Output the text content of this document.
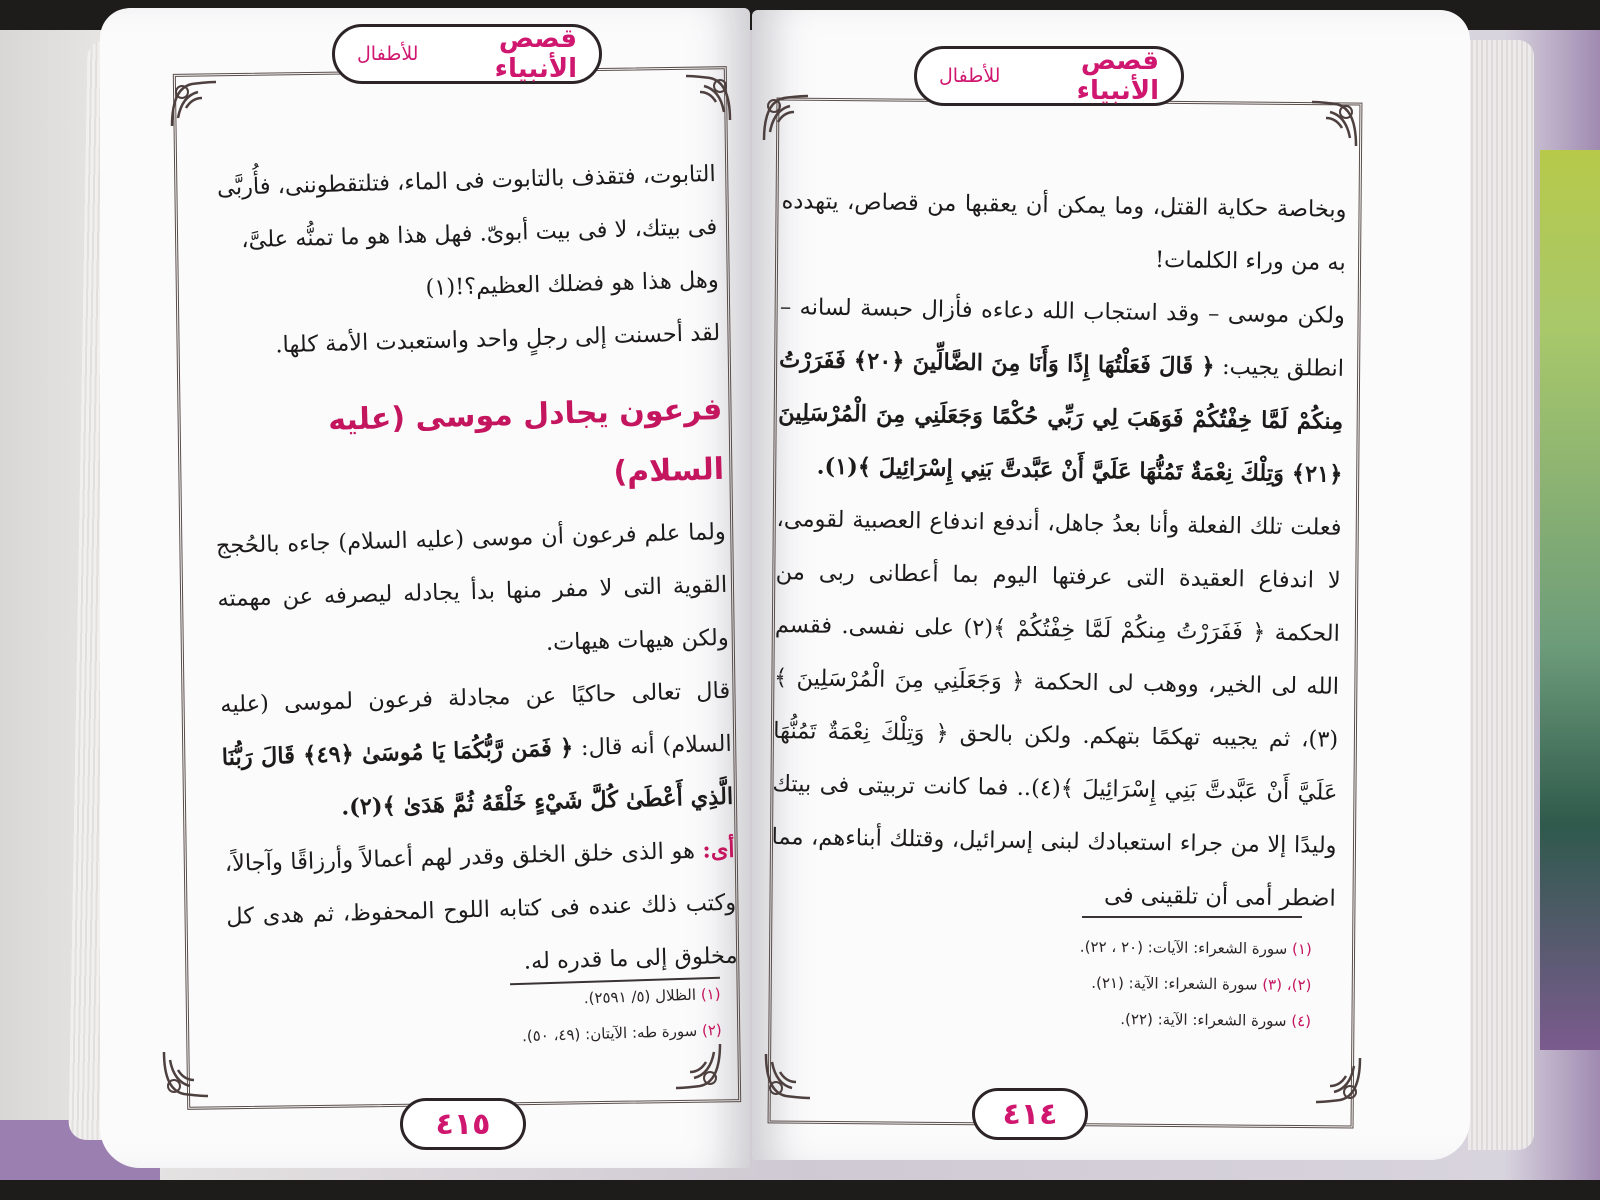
قصص الأنبياء
للأطفال

التابوت، فتقذف بالتابوت فى الماء، فتلتقطوننى، فأُربَّى

فى بيتك، لا فى بيت أبوىّ. فهل هذا هو ما تمنُّه علىَّ،

وهل هذا هو فضلك العظيم؟!(١)

لقد أحسنت إلى رجلٍ واحد واستعبدت الأمة كلها.

فرعون يجادل موسى (عليه السلام)

ولما علم فرعون أن موسى (عليه السلام) جاءه بالحُجج القوية التى لا مفر منها بدأ يجادله ليصرفه عن مهمته ولكن هيهات هيهات.

قال تعالى حاكيًا عن مجادلة فرعون لموسى (عليه السلام) أنه قال: ﴿ فَمَن رَّبُّكُمَا يَا مُوسَىٰ ﴿٤٩﴾ قَالَ رَبُّنَا الَّذِي أَعْطَىٰ كُلَّ شَيْءٍ خَلْقَهُ ثُمَّ هَدَىٰ ﴾(٢).

أى: هو الذى خلق الخلق وقدر لهم أعمالاً وأرزاقًا وآجالاً، وكتب ذلك عنده فى كتابه اللوح المحفوظ، ثم هدى كل مخلوق إلى ما قدره له.

(١) الظلال (٥/ ٢٥٩١).
(٢) سورة طه: الآيتان: (٤٩، ٥٠).
٤١٥
قصص الأنبياء
للأطفال

وبخاصة حكاية القتل، وما يمكن أن يعقبها من قصاص، يتهدده به من وراء الكلمات!

ولكن موسى – وقد استجاب الله دعاءه فأزال حبسة لسانه – انطلق يجيب: ﴿ قَالَ فَعَلْتُهَا إِذًا وَأَنَا مِنَ الضَّالِّينَ ﴿٢٠﴾ فَفَرَرْتُ مِنكُمْ لَمَّا خِفْتُكُمْ فَوَهَبَ لِي رَبِّي حُكْمًا وَجَعَلَنِي مِنَ الْمُرْسَلِينَ ﴿٢١﴾ وَتِلْكَ نِعْمَةٌ تَمُنُّهَا عَلَيَّ أَنْ عَبَّدتَّ بَنِي إِسْرَائِيلَ ﴾(١).

فعلت تلك الفعلة وأنا بعدُ جاهل، أندفع اندفاع العصبية لقومى، لا اندفاع العقيدة التى عرفتها اليوم بما أعطانى ربى من الحكمة ﴿ فَفَرَرْتُ مِنكُمْ لَمَّا خِفْتُكُمْ ﴾(٢) على نفسى. فقسم الله لى الخير، ووهب لى الحكمة ﴿ وَجَعَلَنِي مِنَ الْمُرْسَلِينَ ﴾(٣)، ثم يجيبه تهكمًا بتهكم. ولكن بالحق ﴿ وَتِلْكَ نِعْمَةٌ تَمُنُّهَا عَلَيَّ أَنْ عَبَّدتَّ بَنِي إِسْرَائِيلَ ﴾(٤).. فما كانت تربيتى فى بيتك وليدًا إلا من جراء استعبادك لبنى إسرائيل، وقتلك أبناءهم، مما اضطر أمى أن تلقينى فى

(١) سورة الشعراء: الآيات: (٢٠ ، ٢٢).
(٢)، (٣) سورة الشعراء: الآية: (٢١).
(٤) سورة الشعراء: الآية: (٢٢).
٤١٤
